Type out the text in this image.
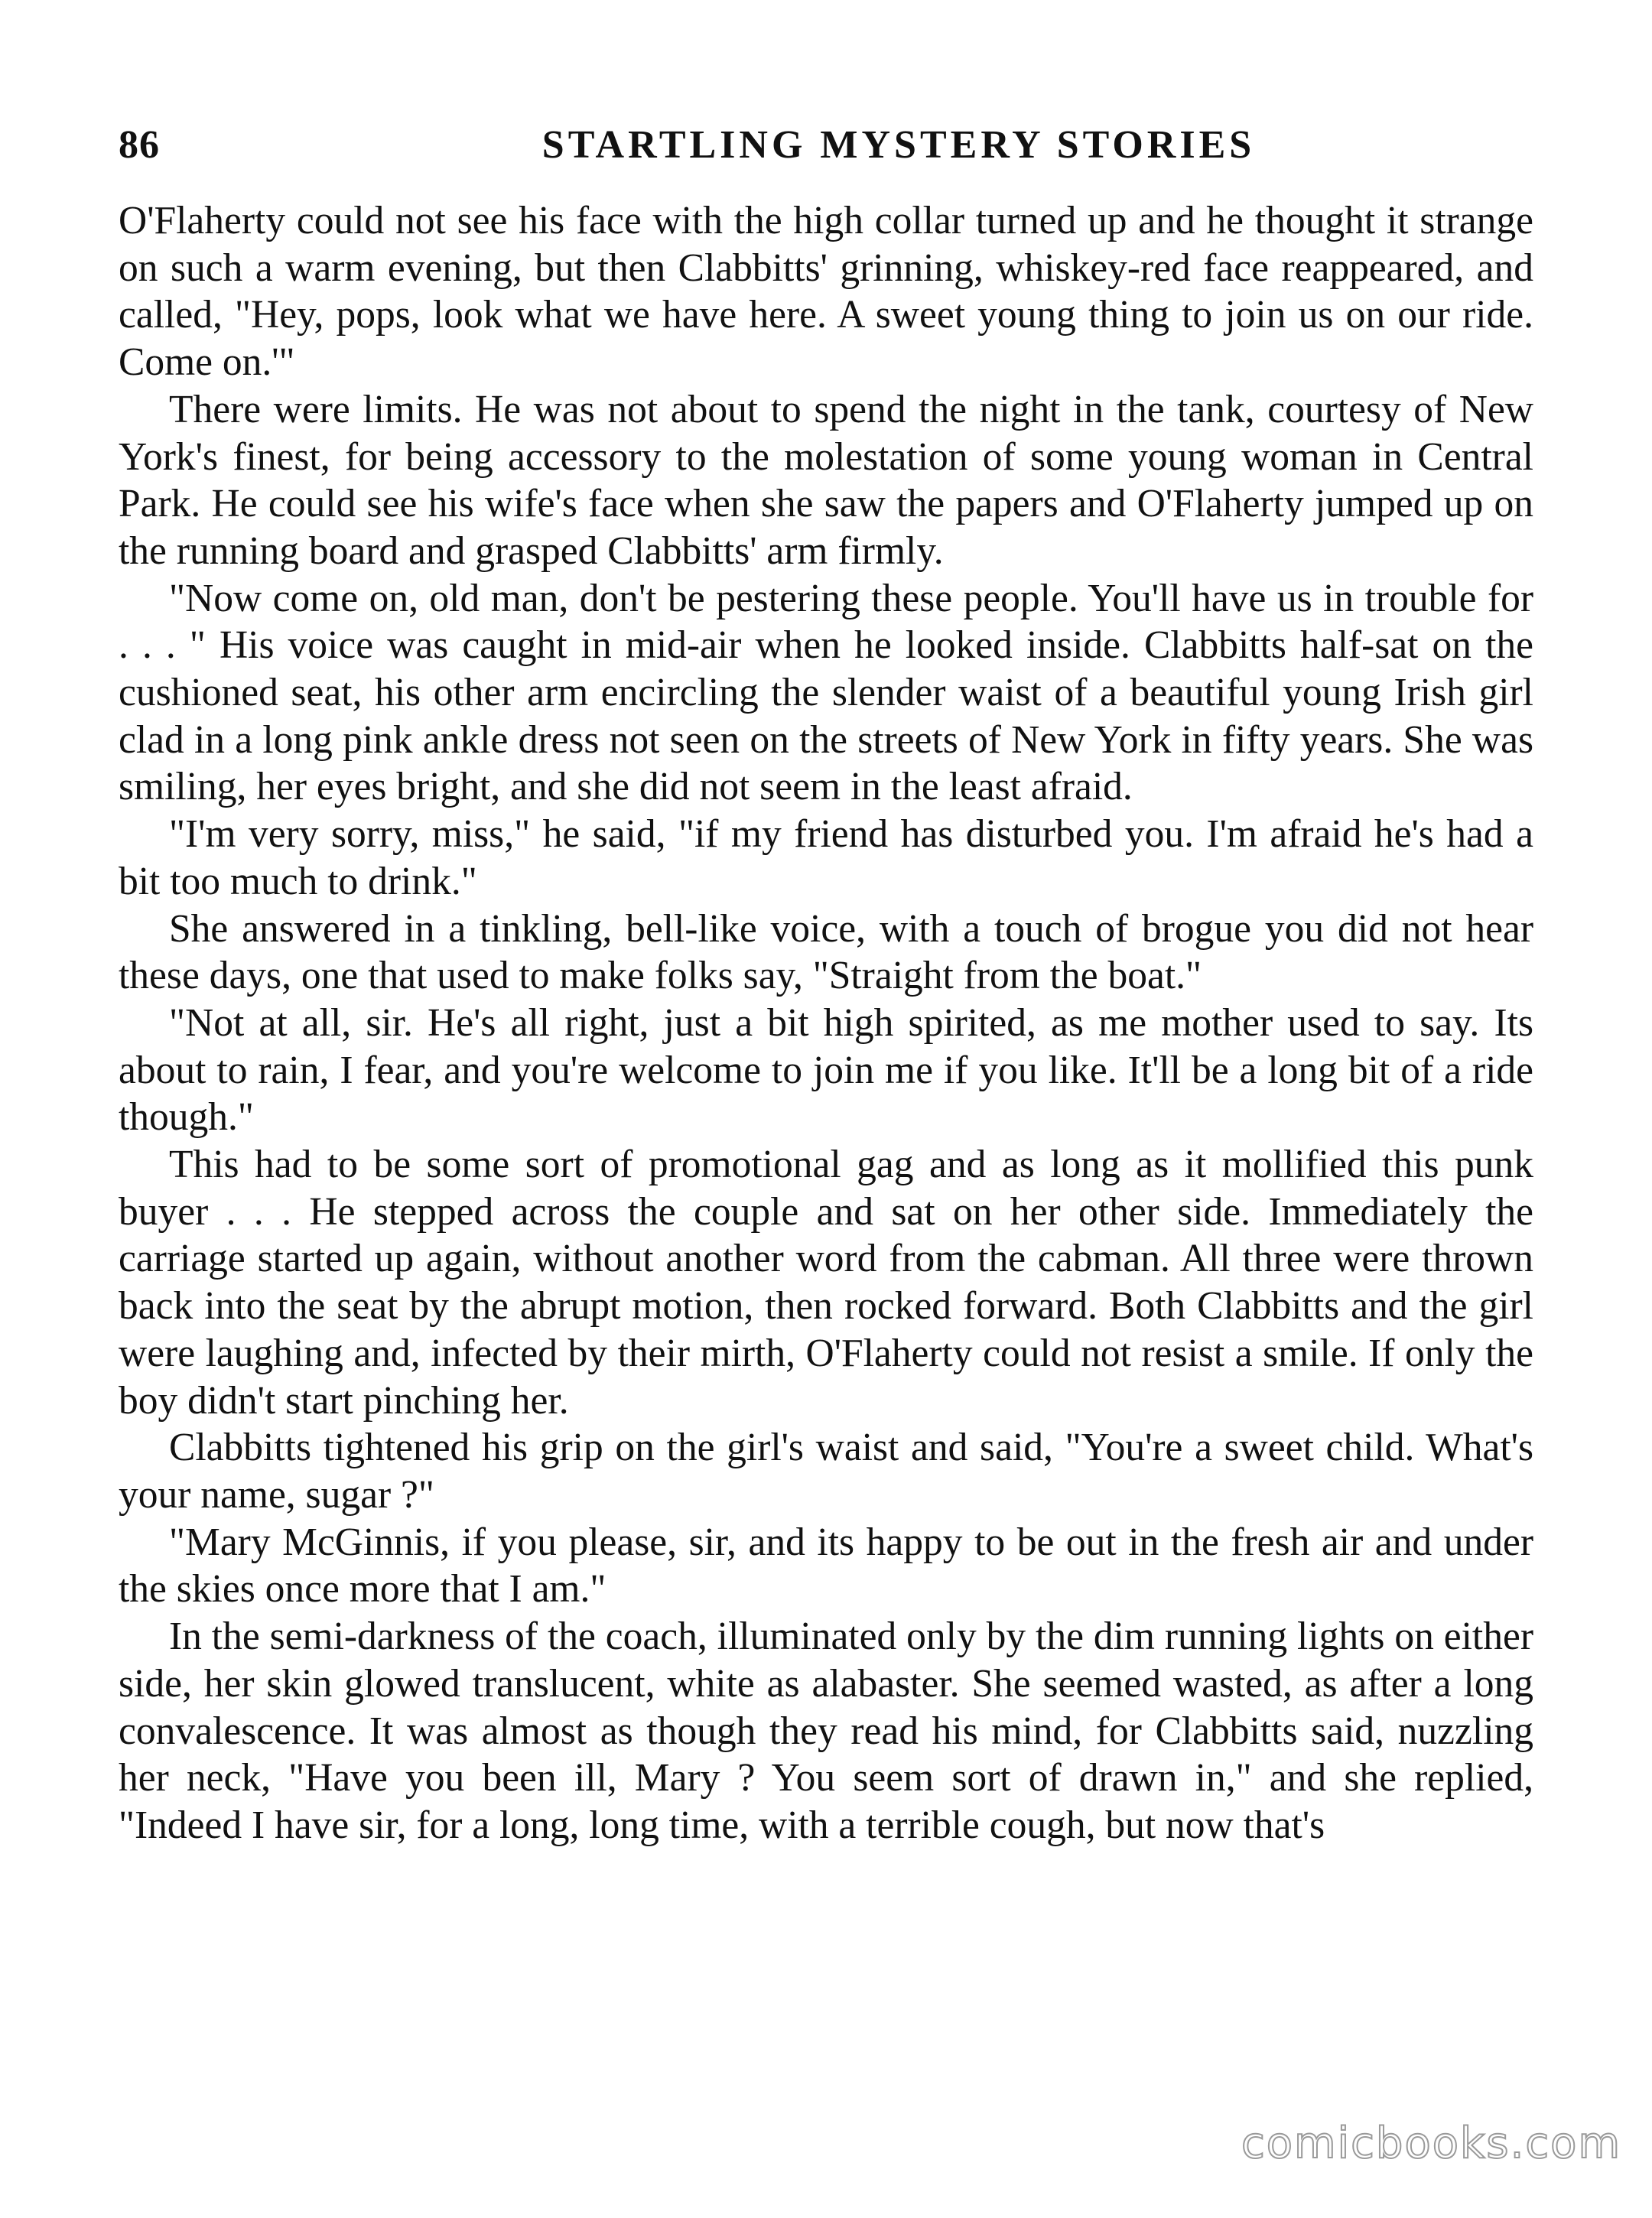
86	STARTLING MYSTERY STORIES

O'Flaherty could not see his face with the high collar turned up and he thought it strange on such a warm evening, but then Clabbitts' grinning, whiskey-red face reappeared, and called, "Hey, pops, look what we have here. A sweet young thing to join us on our ride. Come on.'"

There were limits. He was not about to spend the night in the tank, courtesy of New York's finest, for being accessory to the molestation of some young woman in Central Park. He could see his wife's face when she saw the papers and O'Flaherty jumped up on the running board and grasped Clabbitts' arm firmly.

"Now come on, old man, don't be pestering these people. You'll have us in trouble for . . . " His voice was caught in mid-air when he looked inside. Clabbitts half-sat on the cushioned seat, his other arm encircling the slender waist of a beautiful young Irish girl clad in a long pink ankle dress not seen on the streets of New York in fifty years. She was smiling, her eyes bright, and she did not seem in the least afraid.

"I'm very sorry, miss," he said, "if my friend has disturbed you. I'm afraid he's had a bit too much to drink."

She answered in a tinkling, bell-like voice, with a touch of brogue you did not hear these days, one that used to make folks say, "Straight from the boat."

"Not at all, sir. He's all right, just a bit high spirited, as me mother used to say. Its about to rain, I fear, and you're welcome to join me if you like. It'll be a long bit of a ride though."

This had to be some sort of promotional gag and as long as it mollified this punk buyer . . . He stepped across the couple and sat on her other side. Immediately the carriage started up again, without another word from the cabman. All three were thrown back into the seat by the abrupt motion, then rocked forward. Both Clabbitts and the girl were laughing and, infected by their mirth, O'Flaherty could not resist a smile. If only the boy didn't start pinching her.

Clabbitts tightened his grip on the girl's waist and said, "You're a sweet child. What's your name, sugar ?"

"Mary McGinnis, if you please, sir, and its happy to be out in the fresh air and under the skies once more that I am."

In the semi-darkness of the coach, illuminated only by the dim running lights on either side, her skin glowed translucent, white as alabaster. She seemed wasted, as after a long convalescence. It was almost as though they read his mind, for Clabbitts said, nuzzling her neck, "Have you been ill, Mary ? You seem sort of drawn in," and she replied, "Indeed I have sir, for a long, long time, with a terrible cough, but now that's

comicbooks.com
